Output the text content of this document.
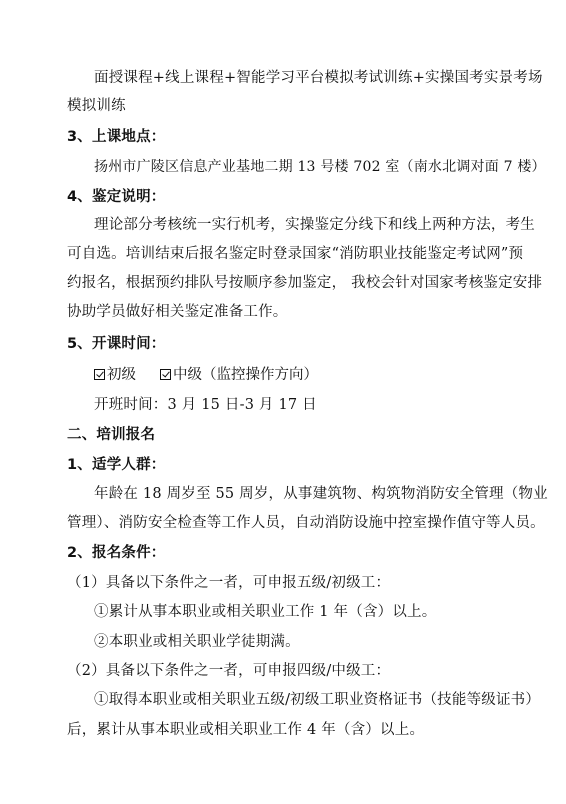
面授课程+线上课程+智能学习平台模拟考试训练+实操国考实景考场
模拟训练
3、上课地点：
扬州市广陵区信息产业基地二期 13 号楼 702 室（南水北调对面 7 楼）
4、鉴定说明：
理论部分考核统一实行机考，实操鉴定分线下和线上两种方法，考生
可自选。培训结束后报名鉴定时登录国家“消防职业技能鉴定考试网”预
约报名，根据预约排队号按顺序参加鉴定， 我校会针对国家考核鉴定安排
协助学员做好相关鉴定准备工作。
5、开课时间：
初级	中级（监控操作方向）
开班时间：3 月 15 日-3 月 17 日
二、培训报名
1、适学人群：
年龄在 18 周岁至 55 周岁，从事建筑物、构筑物消防安全管理（物业
管理）、消防安全检查等工作人员，自动消防设施中控室操作值守等人员。
2、报名条件：
（1）具备以下条件之一者，可申报五级/初级工：
①累计从事本职业或相关职业工作 1 年（含）以上。
②本职业或相关职业学徒期满。
（2）具备以下条件之一者，可申报四级/中级工：
①取得本职业或相关职业五级/初级工职业资格证书（技能等级证书）
后，累计从事本职业或相关职业工作 4 年（含）以上。
